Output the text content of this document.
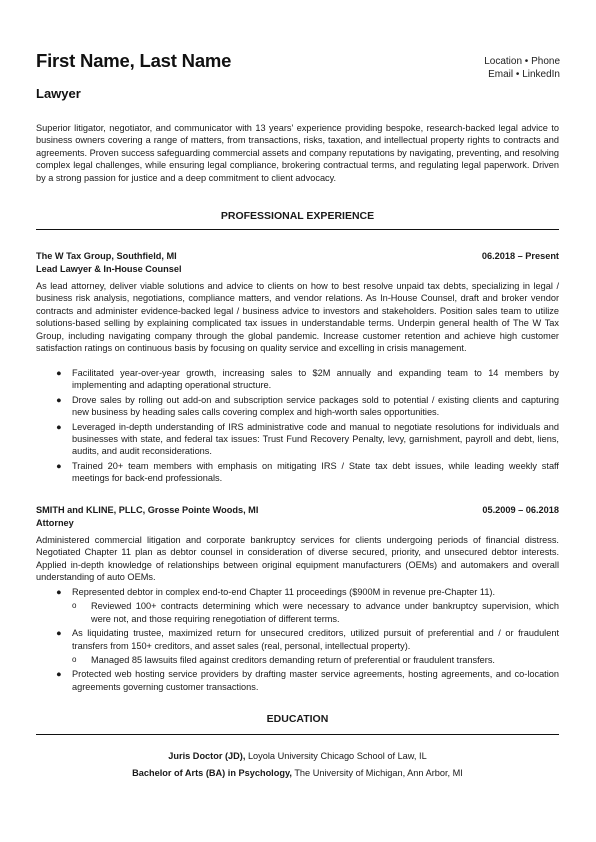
First Name, Last Name	Location • Phone
Email • LinkedIn
Lawyer
Superior litigator, negotiator, and communicator with 13 years' experience providing bespoke, research-backed legal advice to business owners covering a range of matters, from transactions, risks, taxation, and intellectual property rights to contracts and agreements. Proven success safeguarding commercial assets and company reputations by navigating, preventing, and resolving complex legal challenges, while ensuring legal compliance, brokering contractual terms, and regulating legal paperwork. Driven by a strong passion for justice and a deep commitment to client advocacy.
PROFESSIONAL EXPERIENCE
The W Tax Group, Southfield, MI
Lead Lawyer & In-House Counsel
06.2018 – Present
As lead attorney, deliver viable solutions and advice to clients on how to best resolve unpaid tax debts, specializing in legal / business risk analysis, negotiations, compliance matters, and vendor relations. As In-House Counsel, draft and broker vendor contracts and administer evidence-backed legal / business advice to investors and stakeholders. Position sales team to utilize solutions-based selling by explaining complicated tax issues in understandable terms. Underpin general health of The W Tax Group, including navigating company through the global pandemic. Increase customer retention and achieve high customer satisfaction ratings on continuous basis by focusing on quality service and excelling in crisis management.
● Facilitated year-over-year growth, increasing sales to $2M annually and expanding team to 14 members by implementing and adapting operational structure.
● Drove sales by rolling out add-on and subscription service packages sold to potential / existing clients and capturing new business by heading sales calls covering complex and high-worth sales opportunities.
● Leveraged in-depth understanding of IRS administrative code and manual to negotiate resolutions for individuals and businesses with state, and federal tax issues: Trust Fund Recovery Penalty, levy, garnishment, payroll and debt, liens, audits, and audit reconsiderations.
● Trained 20+ team members with emphasis on mitigating IRS / State tax debt issues, while leading weekly staff meetings for back-end professionals.
SMITH and KLINE, PLLC, Grosse Pointe Woods, MI
Attorney
05.2009 – 06.2018
Administered commercial litigation and corporate bankruptcy services for clients undergoing periods of financial distress. Negotiated Chapter 11 plan as debtor counsel in consideration of diverse secured, priority, and unsecured debtor interests. Applied in-depth knowledge of relationships between original equipment manufacturers (OEMs) and automakers and overall understanding of auto OEMs.
● Represented debtor in complex end-to-end Chapter 11 proceedings ($900M in revenue pre-Chapter 11).
o Reviewed 100+ contracts determining which were necessary to advance under bankruptcy supervision, which were not, and those requiring renegotiation of different terms.
● As liquidating trustee, maximized return for unsecured creditors, utilized pursuit of preferential and / or fraudulent transfers from 150+ creditors, and asset sales (real, personal, intellectual property).
o Managed 85 lawsuits filed against creditors demanding return of preferential or fraudulent transfers.
● Protected web hosting service providers by drafting master service agreements, hosting agreements, and co-location agreements governing customer transactions.
EDUCATION
Juris Doctor (JD), Loyola University Chicago School of Law, IL
Bachelor of Arts (BA) in Psychology, The University of Michigan, Ann Arbor, MI
